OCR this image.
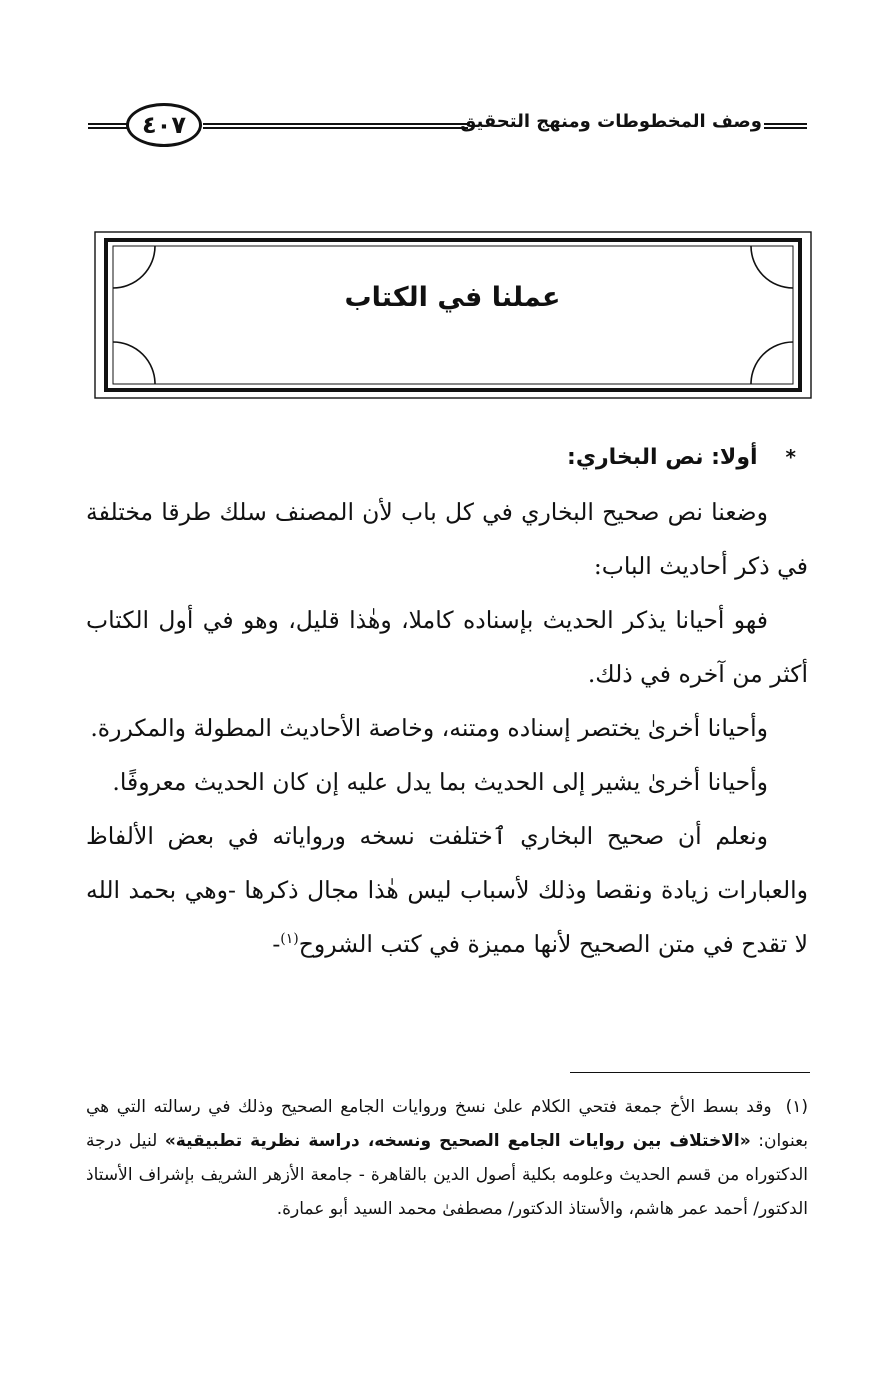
٤٠٧	وصف المخطوطات ومنهج التحقيق
عملنا في الكتاب

*أولا: نص البخاري:

وضعنا نص صحيح البخاري في كل باب لأن المصنف سلك طرقا مختلفة في ذكر أحاديث الباب:

فهو أحيانا يذكر الحديث بإسناده كاملا، وهٰذا قليل، وهو في أول الكتاب أكثر من آخره في ذلك.

وأحيانا أخرىٰ يختصر إسناده ومتنه، وخاصة الأحاديث المطولة والمكررة.

وأحيانا أخرىٰ يشير إلى الحديث بما يدل عليه إن كان الحديث معروفًا.

ونعلم أن صحيح البخاري ٱختلفت نسخه ورواياته في بعض الألفاظ والعبارات زيادة ونقصا وذلك لأسباب ليس هٰذا مجال ذكرها -وهي بحمد الله لا تقدح في متن الصحيح لأنها مميزة في كتب الشروح$^{(١)}$-

(١)وقد بسط الأخ جمعة فتحي الكلام علىٰ نسخ وروايات الجامع الصحيح وذلك في رسالته التي هي بعنوان: «الاختلاف بين روايات الجامع الصحيح ونسخه، دراسة نظرية تطبيقية» لنيل درجة الدكتوراه من قسم الحديث وعلومه بكلية أصول الدين بالقاهرة - جامعة الأزهر الشريف بإشراف الأستاذ الدكتور/ أحمد عمر هاشم، والأستاذ الدكتور/ مصطفىٰ محمد السيد أبو عمارة.
